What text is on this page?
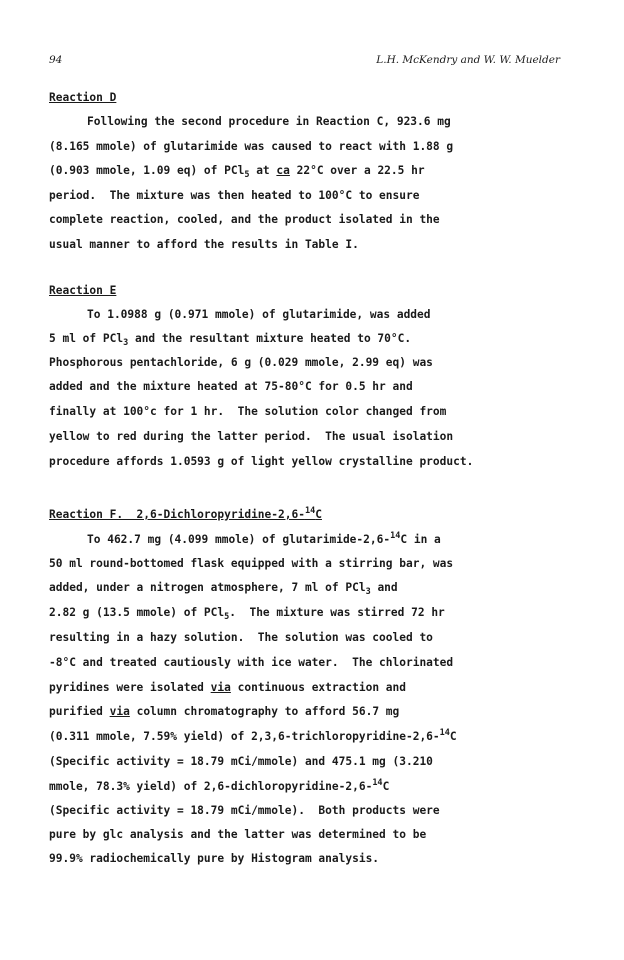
94	L.H. McKendry and W. W. Muelder
Reaction D
Following the second procedure in Reaction C, 923.6 mg
(8.165 mmole) of glutarimide was caused to react with 1.88 g
(0.903 mmole, 1.09 eq) of PCl$_5$ at ca 22°C over a 22.5 hr
period.  The mixture was then heated to 100°C to ensure
complete reaction, cooled, and the product isolated in the
usual manner to afford the results in Table I.
Reaction E
To 1.0988 g (0.971 mmole) of glutarimide, was added
5 ml of PCl$_3$ and the resultant mixture heated to 70°C.
Phosphorous pentachloride, 6 g (0.029 mmole, 2.99 eq) was
added and the mixture heated at 75-80°C for 0.5 hr and
finally at 100°c for 1 hr.  The solution color changed from
yellow to red during the latter period.  The usual isolation
procedure affords 1.0593 g of light yellow crystalline product.
Reaction F.  2,6-Dichloropyridine-2,6-$^{14}$C
To 462.7 mg (4.099 mmole) of glutarimide-2,6-$^{14}$C in a
50 ml round-bottomed flask equipped with a stirring bar, was
added, under a nitrogen atmosphere, 7 ml of PCl$_3$ and
2.82 g (13.5 mmole) of PCl$_5$.  The mixture was stirred 72 hr
resulting in a hazy solution.  The solution was cooled to
-8°C and treated cautiously with ice water.  The chlorinated
pyridines were isolated via continuous extraction and
purified via column chromatography to afford 56.7 mg
(0.311 mmole, 7.59% yield) of 2,3,6-trichloropyridine-2,6-$^{14}$C
(Specific activity = 18.79 mCi/mmole) and 475.1 mg (3.210
mmole, 78.3% yield) of 2,6-dichloropyridine-2,6-$^{14}$C
(Specific activity = 18.79 mCi/mmole).  Both products were
pure by glc analysis and the latter was determined to be
99.9% radiochemically pure by Histogram analysis.
